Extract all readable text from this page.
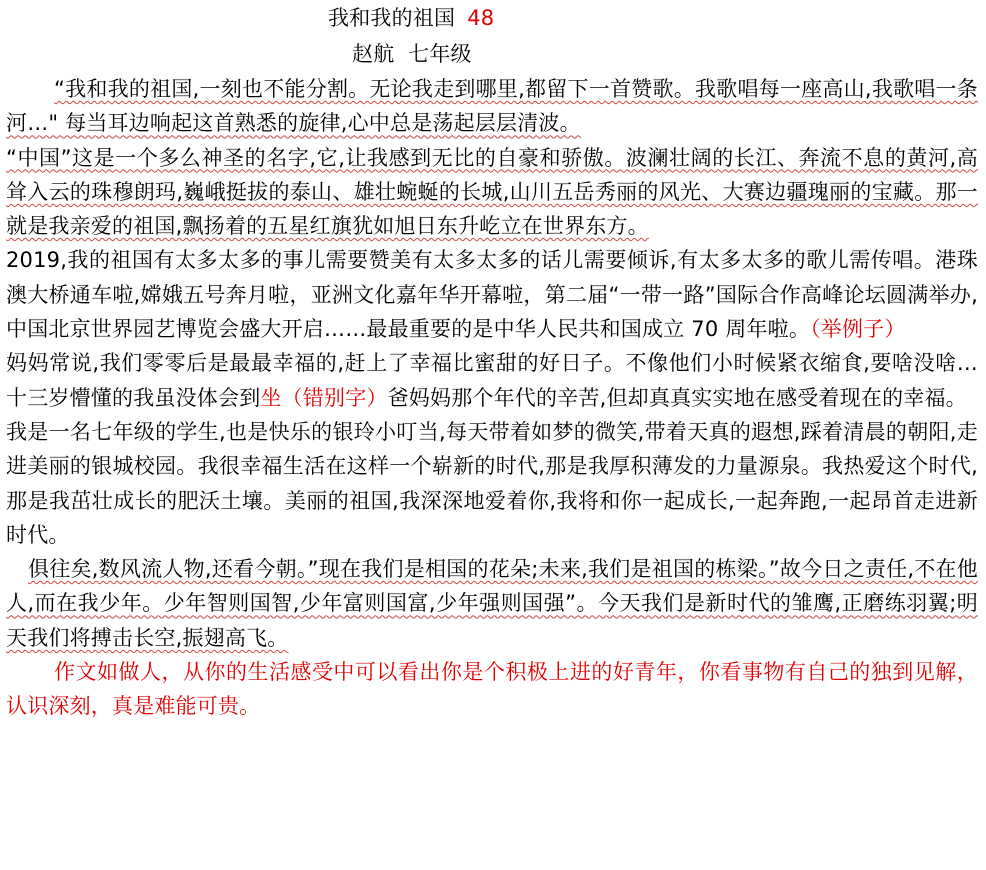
我和我的祖国 48
赵航  七年级

“我和我的祖国,一刻也不能分割。无论我走到哪里,都留下一首赞歌。我歌唱每一座高山,我歌唱一条河…" 每当耳边响起这首熟悉的旋律,心中总是荡起层层清波。

“中国”这是一个多么神圣的名字,它,让我感到无比的自豪和骄傲。波澜壮阔的长江、奔流不息的黄河,高耸入云的珠穆朗玛,巍峨挺拔的泰山、雄壮蜿蜒的长城,山川五岳秀丽的风光、大赛边疆瑰丽的宝藏。那一就是我亲爱的祖国,飘扬着的五星红旗犹如旭日东升屹立在世界东方。

2019,我的祖国有太多太多的事儿需要赞美有太多太多的话儿需要倾诉,有太多太多的歌儿需传唱。港珠澳大桥通车啦,嫦娥五号奔月啦，亚洲文化嘉年华开幕啦，第二届“一带一路”国际合作高峰论坛圆满举办,中国北京世界园艺博览会盛大开启……最最重要的是中华人民共和国成立 70 周年啦。（举例子）

妈妈常说,我们零零后是最最幸福的,赶上了幸福比蜜甜的好日子。不像他们小时候紧衣缩食,要啥没啥…十三岁懵懂的我虽没体会到坐（错别字）爸妈妈那个年代的辛苦,但却真真实实地在感受着现在的幸福。

我是一名七年级的学生,也是快乐的银玲小叮当,每天带着如梦的微笑,带着天真的遐想,踩着清晨的朝阳,走进美丽的银城校园。我很幸福生活在这样一个崭新的时代,那是我厚积薄发的力量源泉。我热爱这个时代,那是我茁壮成长的肥沃土壤。美丽的祖国,我深深地爱着你,我将和你一起成长,一起奔跑,一起昂首走进新时代。

俱往矣,数风流人物,还看今朝。”现在我们是相国的花朵;未来,我们是祖国的栋梁。”故今日之责任,不在他人,而在我少年。少年智则国智,少年富则国富,少年强则国强”。今天我们是新时代的雏鹰,正磨练羽翼;明天我们将搏击长空,振翅高飞。

作文如做人，从你的生活感受中可以看出你是个积极上进的好青年，你看事物有自己的独到见解，认识深刻，真是难能可贵。
